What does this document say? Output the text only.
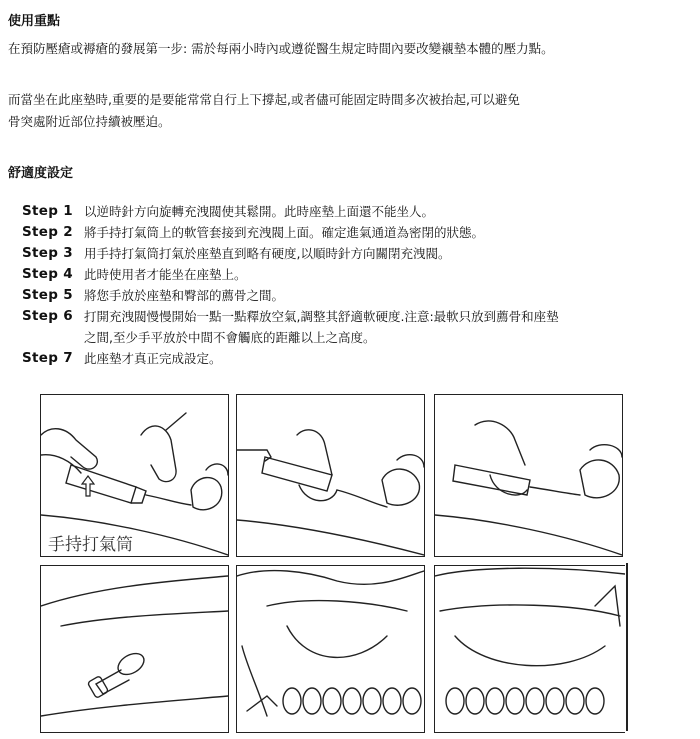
使用重點
在預防壓瘡或褥瘡的發展第一步: 需於每兩小時內或遵從醫生規定時間內要改變襯墊本體的壓力點。
而當坐在此座墊時,重要的是要能常常自行上下撐起,或者儘可能固定時間多次被抬起,可以避免
骨突處附近部位持續被壓迫。
舒適度設定
Step 1 以逆時針方向旋轉充洩閥使其鬆開。此時座墊上面還不能坐人。
Step 2 將手持打氣筒上的軟管套接到充洩閥上面。確定進氣通道為密閉的狀態。
Step 3 用手持打氣筒打氣於座墊直到略有硬度,以順時針方向關閉充洩閥。
Step 4 此時使用者才能坐在座墊上。
Step 5 將您手放於座墊和臀部的薦骨之間。
Step 6 打開充洩閥慢慢開始一點一點釋放空氣,調整其舒適軟硬度.注意:最軟只放到薦骨和座墊
之間,至少手平放於中間不會觸底的距離以上之高度。
Step 7 此座墊才真正完成設定。
手持打氣筒
